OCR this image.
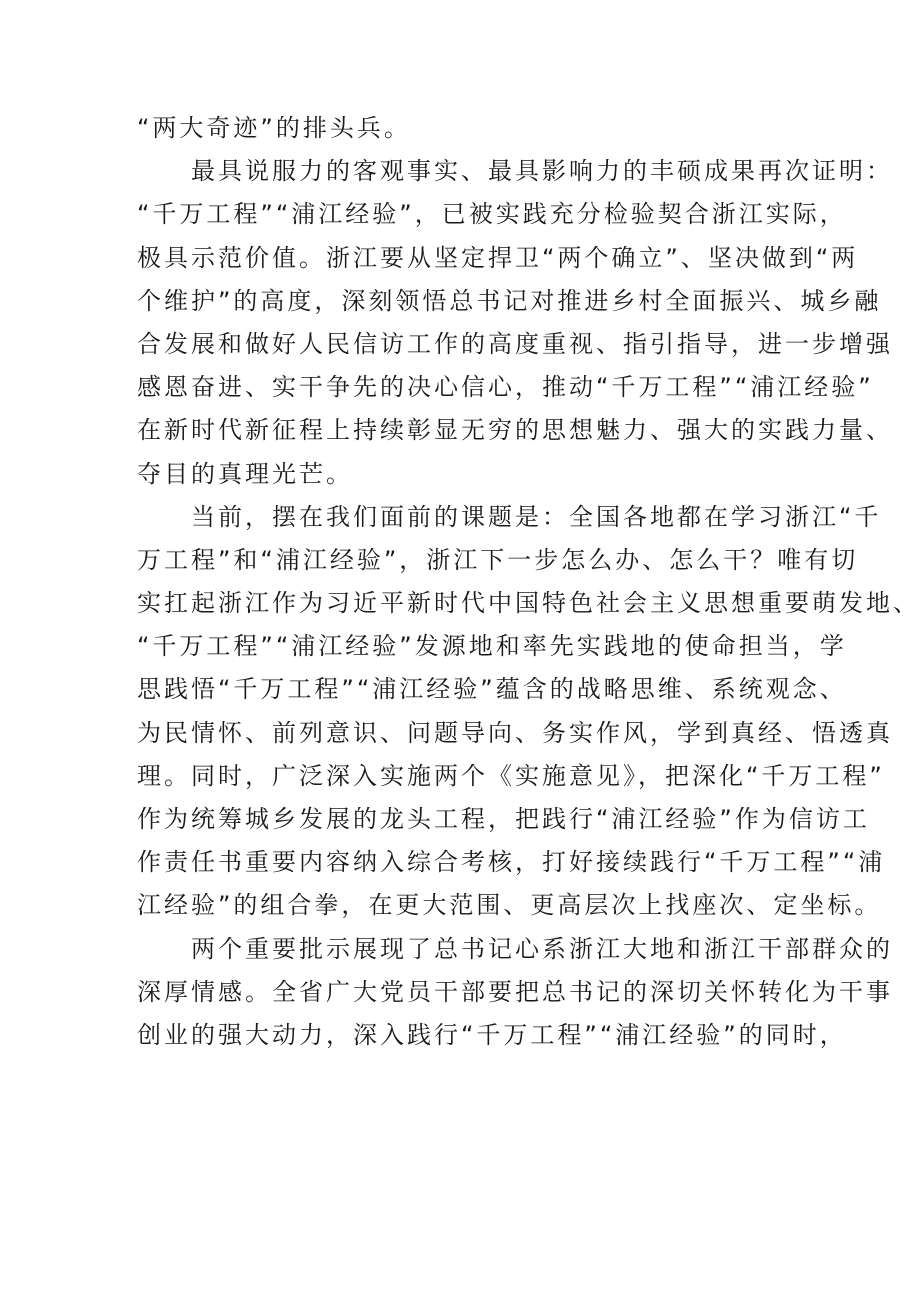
“两大奇迹”的排头兵。
最具说服力的客观事实、最具影响力的丰硕成果再次证明：
“千万工程”“浦江经验”，已被实践充分检验契合浙江实际，
极具示范价值。浙江要从坚定捍卫“两个确立”、坚决做到“两
个维护”的高度，深刻领悟总书记对推进乡村全面振兴、城乡融
合发展和做好人民信访工作的高度重视、指引指导，进一步增强
感恩奋进、实干争先的决心信心，推动“千万工程”“浦江经验”
在新时代新征程上持续彰显无穷的思想魅力、强大的实践力量、
夺目的真理光芒。
当前，摆在我们面前的课题是：全国各地都在学习浙江“千
万工程”和“浦江经验”，浙江下一步怎么办、怎么干？唯有切
实扛起浙江作为习近平新时代中国特色社会主义思想重要萌发地、
“千万工程”“浦江经验”发源地和率先实践地的使命担当，学
思践悟“千万工程”“浦江经验”蕴含的战略思维、系统观念、
为民情怀、前列意识、问题导向、务实作风，学到真经、悟透真
理。同时，广泛深入实施两个《实施意见》，把深化“千万工程”
作为统筹城乡发展的龙头工程，把践行“浦江经验”作为信访工
作责任书重要内容纳入综合考核，打好接续践行“千万工程”“浦
江经验”的组合拳，在更大范围、更高层次上找座次、定坐标。
两个重要批示展现了总书记心系浙江大地和浙江干部群众的
深厚情感。全省广大党员干部要把总书记的深切关怀转化为干事
创业的强大动力，深入践行“千万工程”“浦江经验”的同时，
